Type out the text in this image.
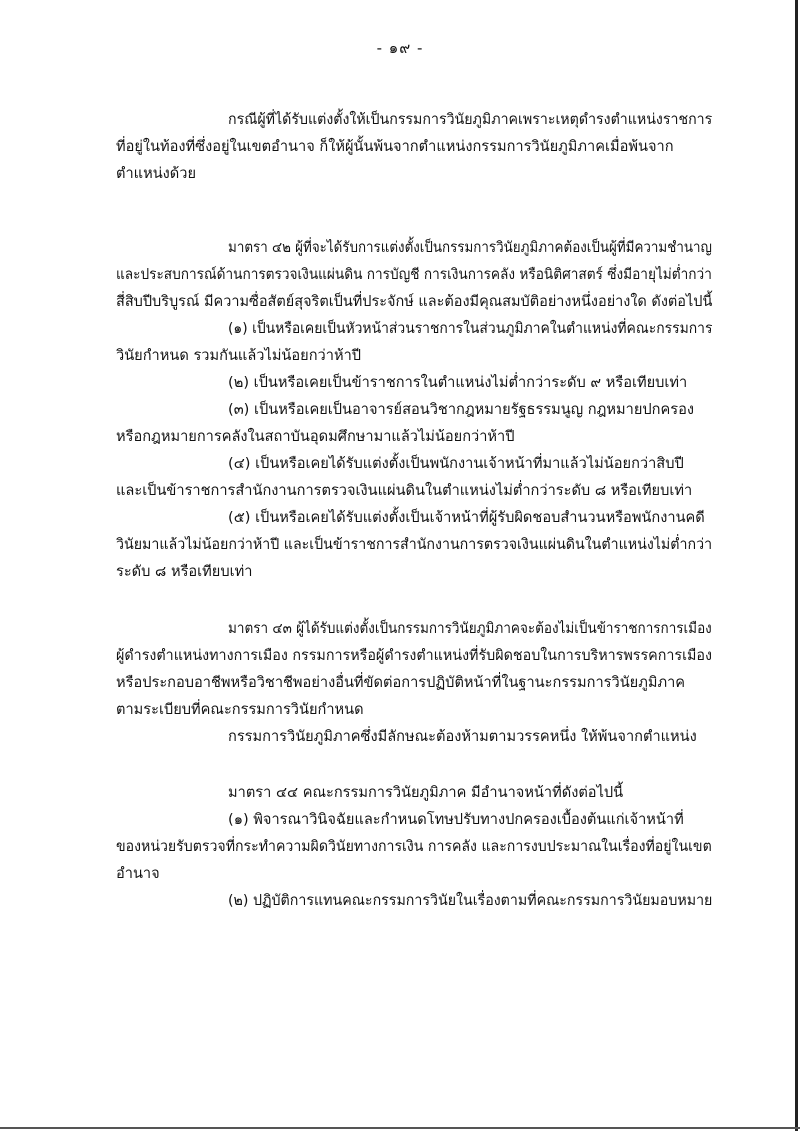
- ๑๙ -
กรณีผู้ที่ได้รับแต่งตั้งให้เป็นกรรมการวินัยภูมิภาคเพราะเหตุดำรงตำแหน่งราชการ
ที่อยู่ในท้องที่ซึ่งอยู่ในเขตอำนาจ ก็ให้ผู้นั้นพ้นจากตำแหน่งกรรมการวินัยภูมิภาคเมื่อพ้นจาก
ตำแหน่งด้วย
มาตรา ๔๒ ผู้ที่จะได้รับการแต่งตั้งเป็นกรรมการวินัยภูมิภาคต้องเป็นผู้ที่มีความชำนาญ
และประสบการณ์ด้านการตรวจเงินแผ่นดิน การบัญชี การเงินการคลัง หรือนิติศาสตร์ ซึ่งมีอายุไม่ต่ำกว่า
สี่สิบปีบริบูรณ์ มีความซื่อสัตย์สุจริตเป็นที่ประจักษ์ และต้องมีคุณสมบัติอย่างหนึ่งอย่างใด ดังต่อไปนี้
(๑) เป็นหรือเคยเป็นหัวหน้าส่วนราชการในส่วนภูมิภาคในตำแหน่งที่คณะกรรมการ
วินัยกำหนด รวมกันแล้วไม่น้อยกว่าห้าปี
(๒) เป็นหรือเคยเป็นข้าราชการในตำแหน่งไม่ต่ำกว่าระดับ ๙ หรือเทียบเท่า
(๓) เป็นหรือเคยเป็นอาจารย์สอนวิชากฎหมายรัฐธรรมนูญ กฎหมายปกครอง
หรือกฎหมายการคลังในสถาบันอุดมศึกษามาแล้วไม่น้อยกว่าห้าปี
(๔) เป็นหรือเคยได้รับแต่งตั้งเป็นพนักงานเจ้าหน้าที่มาแล้วไม่น้อยกว่าสิบปี
และเป็นข้าราชการสำนักงานการตรวจเงินแผ่นดินในตำแหน่งไม่ต่ำกว่าระดับ ๘ หรือเทียบเท่า
(๕) เป็นหรือเคยได้รับแต่งตั้งเป็นเจ้าหน้าที่ผู้รับผิดชอบสำนวนหรือพนักงานคดี
วินัยมาแล้วไม่น้อยกว่าห้าปี และเป็นข้าราชการสำนักงานการตรวจเงินแผ่นดินในตำแหน่งไม่ต่ำกว่า
ระดับ ๘ หรือเทียบเท่า
มาตรา ๔๓ ผู้ได้รับแต่งตั้งเป็นกรรมการวินัยภูมิภาคจะต้องไม่เป็นข้าราชการการเมือง
ผู้ดำรงตำแหน่งทางการเมือง กรรมการหรือผู้ดำรงตำแหน่งที่รับผิดชอบในการบริหารพรรคการเมือง
หรือประกอบอาชีพหรือวิชาชีพอย่างอื่นที่ขัดต่อการปฏิบัติหน้าที่ในฐานะกรรมการวินัยภูมิภาค
ตามระเบียบที่คณะกรรมการวินัยกำหนด
กรรมการวินัยภูมิภาคซึ่งมีลักษณะต้องห้ามตามวรรคหนึ่ง ให้พ้นจากตำแหน่ง
มาตรา ๔๔ คณะกรรมการวินัยภูมิภาค มีอำนาจหน้าที่ดังต่อไปนี้
(๑) พิจารณาวินิจฉัยและกำหนดโทษปรับทางปกครองเบื้องต้นแก่เจ้าหน้าที่
ของหน่วยรับตรวจที่กระทำความผิดวินัยทางการเงิน การคลัง และการงบประมาณในเรื่องที่อยู่ในเขต
อำนาจ
(๒) ปฏิบัติการแทนคณะกรรมการวินัยในเรื่องตามที่คณะกรรมการวินัยมอบหมาย
